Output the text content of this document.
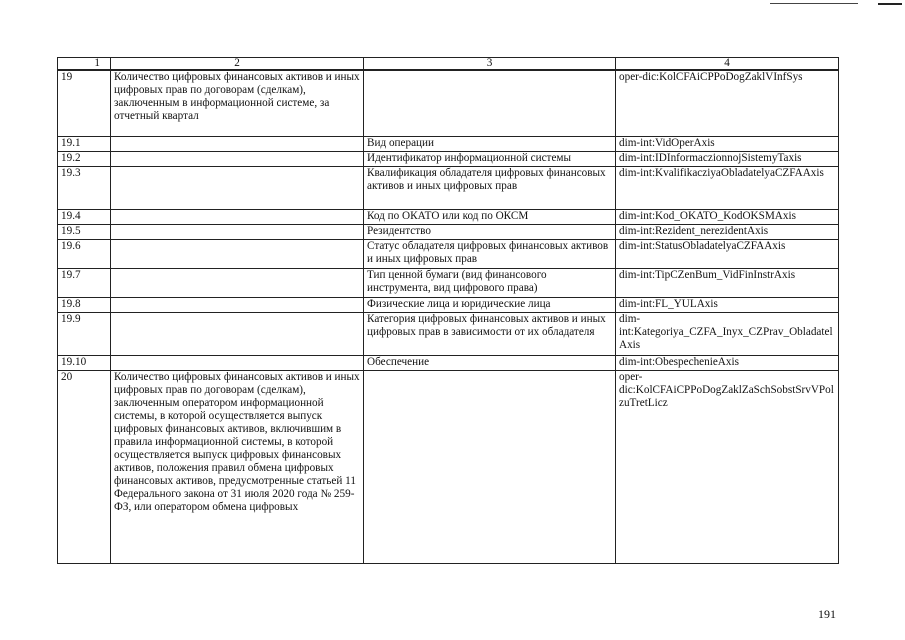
1	2	3	4
19	Количество цифровых финансовых активов и иных цифровых прав по договорам (сделкам), заключенным в информационной системе, за отчетный квартал		oper-dic:KolCFAiCPPoDogZaklVInfSys
19.1		Вид операции	dim-int:VidOperAxis
19.2		Идентификатор информационной системы	dim-int:IDInformaczionnojSistemyTaxis
19.3		Квалификация обладателя цифровых финансовых активов и иных цифровых прав	dim-int:KvalifikacziyaObladatelyaCZFAAxis
19.4		Код по ОКАТО или код по ОКСМ	dim-int:Kod_OKATO_KodOKSMAxis
19.5		Резидентство	dim-int:Rezident_nerezidentAxis
19.6		Статус обладателя цифровых финансовых активов и иных цифровых прав	dim-int:StatusObladatelyaCZFAAxis
19.7		Тип ценной бумаги (вид финансового инструмента, вид цифрового права)	dim-int:TipCZenBum_VidFinInstrAxis
19.8		Физические лица и юридические лица	dim-int:FL_YULAxis
19.9		Категория цифровых финансовых активов и иных цифровых прав в зависимости от их обладателя	dim-int:Kategoriya_CZFA_Inyx_CZPrav_ObladatelAxis
19.10		Обеспечение	dim-int:ObespechenieAxis
20	Количество цифровых финансовых активов и иных цифровых прав по договорам (сделкам), заключенным оператором информационной системы, в которой осуществляется выпуск цифровых финансовых активов, включившим в правила информационной системы, в которой осуществляется выпуск цифровых финансовых активов, положения правил обмена цифровых финансовых активов, предусмотренные статьей 11 Федерального закона от 31 июля 2020 года № 259-ФЗ, или оператором обмена цифровых		oper-dic:KolCFAiCPPoDogZaklZaSchSobstSrvVPolzuTretLicz
191
